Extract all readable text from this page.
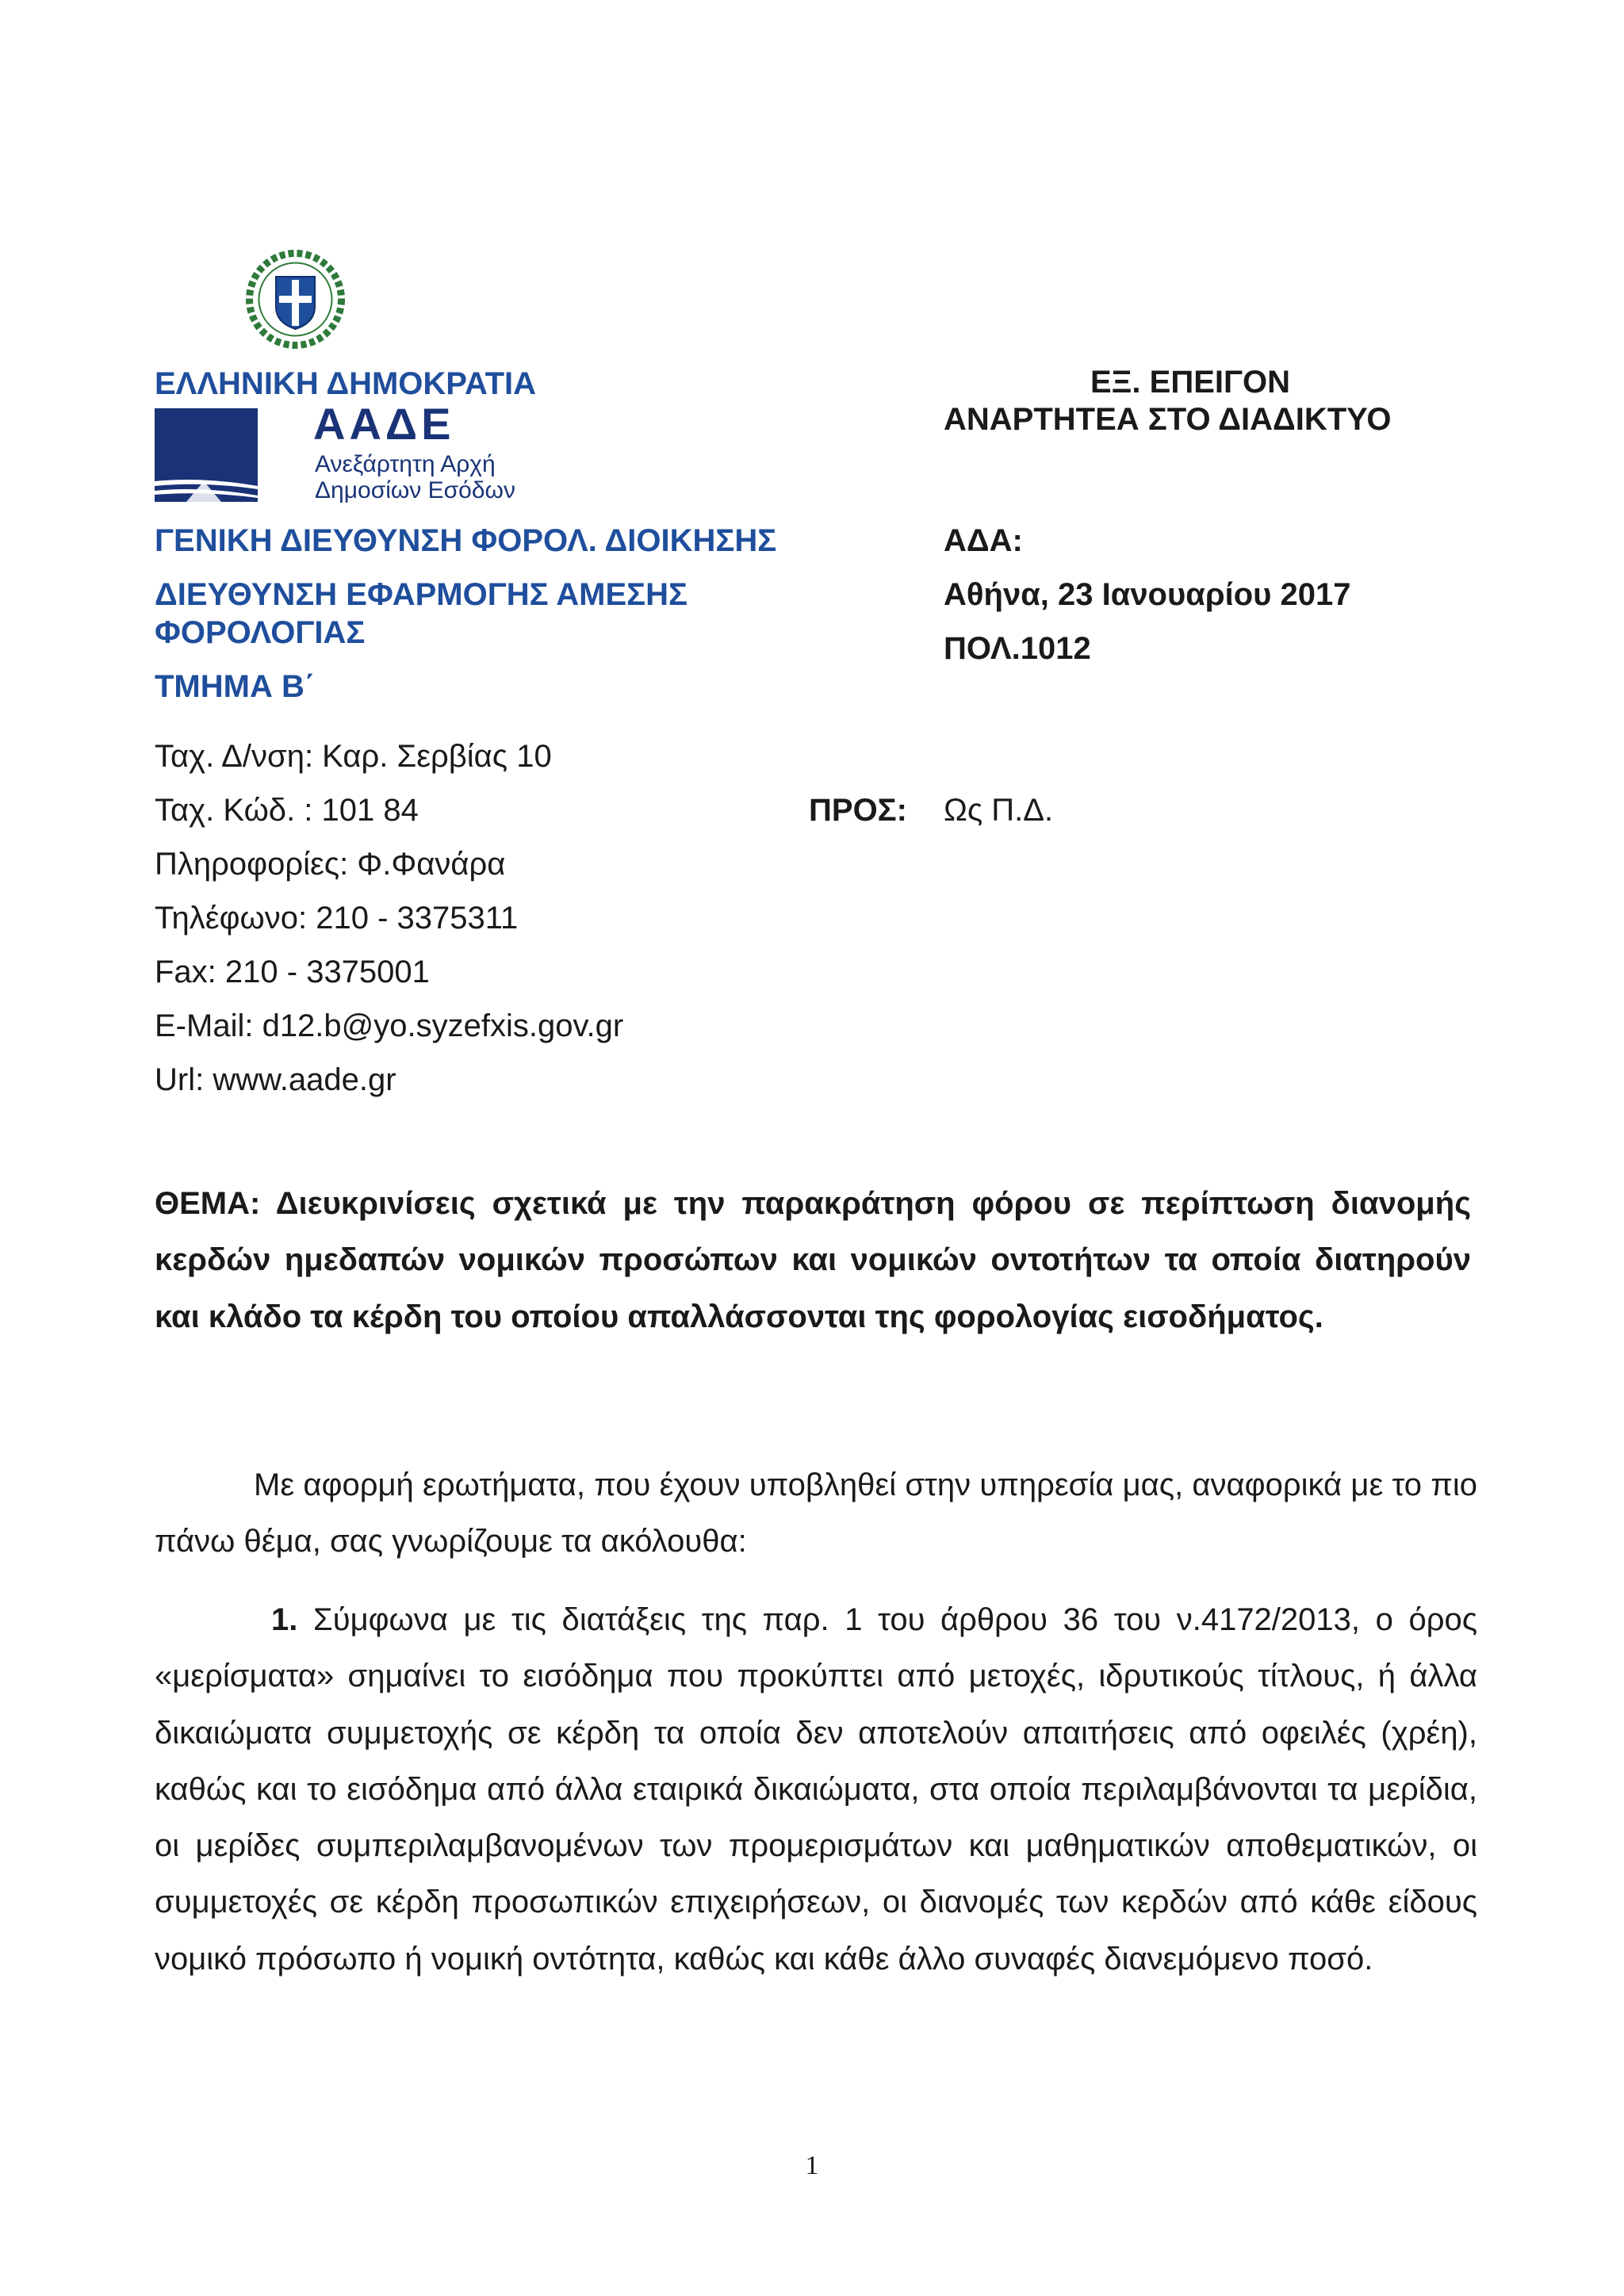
ΕΛΛΗΝΙΚΗ ΔΗΜΟΚΡΑΤΙΑ
ΑΑΔΕ
Ανεξάρτητη Αρχή
Δημοσίων Εσόδων
ΓΕΝΙΚΗ ΔΙΕΥΘΥΝΣΗ ΦΟΡΟΛ. ΔΙΟΙΚΗΣΗΣ
ΔΙΕΥΘΥΝΣΗ ΕΦΑΡΜΟΓΗΣ ΑΜΕΣΗΣ
ΦΟΡΟΛΟΓΙΑΣ
ΤΜΗΜΑ Β΄
ΕΞ. ΕΠΕΙΓΟΝ
ΑΝΑΡΤΗΤΕΑ ΣΤΟ ΔΙΑΔΙΚΤΥΟ
ΑΔΑ:
Αθήνα, 23 Ιανουαρίου 2017
ΠΟΛ.1012
Ταχ. Δ/νση: Καρ. Σερβίας 10
Ταχ. Κώδ. : 101 84
Πληροφορίες: Φ.Φανάρα
Τηλέφωνο: 210 - 3375311
Fax: 210 - 3375001
E-Mail: d12.b@yo.syzefxis.gov.gr
Url: www.aade.gr
ΠΡΟΣ: Ως Π.Δ.
ΘΕΜΑ: Διευκρινίσεις σχετικά με την παρακράτηση φόρου σε περίπτωση διανομής κερδών ημεδαπών νομικών προσώπων και νομικών οντοτήτων τα οποία διατηρούν και κλάδο τα κέρδη του οποίου απαλλάσσονται της φορολογίας εισοδήματος.
Με αφορμή ερωτήματα, που έχουν υποβληθεί στην υπηρεσία μας, αναφορικά με το πιο πάνω θέμα, σας γνωρίζουμε τα ακόλουθα:
1. Σύμφωνα με τις διατάξεις της παρ. 1 του άρθρου 36 του ν.4172/2013, ο όρος «μερίσματα» σημαίνει το εισόδημα που προκύπτει από μετοχές, ιδρυτικούς τίτλους, ή άλλα δικαιώματα συμμετοχής σε κέρδη τα οποία δεν αποτελούν απαιτήσεις από οφειλές (χρέη), καθώς και το εισόδημα από άλλα εταιρικά δικαιώματα, στα οποία περιλαμβάνονται τα μερίδια, οι μερίδες συμπεριλαμβανομένων των προμερισμάτων και μαθηματικών αποθεματικών, οι συμμετοχές σε κέρδη προσωπικών επιχειρήσεων, οι διανομές των κερδών από κάθε είδους νομικό πρόσωπο ή νομική οντότητα, καθώς και κάθε άλλο συναφές διανεμόμενο ποσό.
1
